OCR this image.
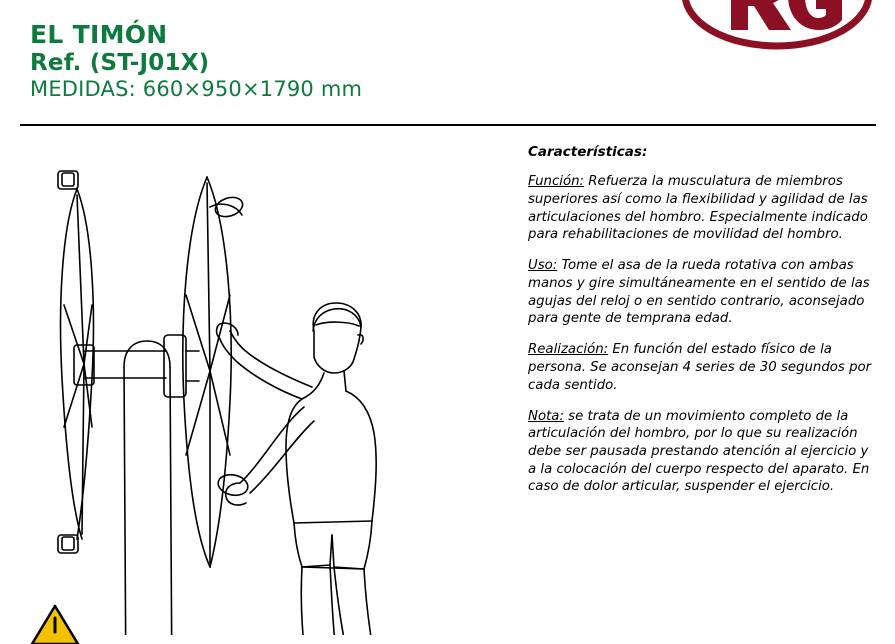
EL TIMÓN
Ref. (ST-J01X)
MEDIDAS: 660×950×1790 mm
Características:

Función: Refuerza la musculatura de miembros superiores así como la flexibilidad y agilidad de las articulaciones del hombro. Especialmente indicado para rehabilitaciones de movilidad del hombro.

Uso: Tome el asa de la rueda rotativa con ambas manos y gire simultáneamente en el sentido de las agujas del reloj o en sentido contrario, aconsejado para gente de temprana edad.

Realización: En función del estado físico de la persona. Se aconsejan 4 series de 30 segundos por cada sentido.

Nota: se trata de un movimiento completo de la articulación del hombro, por lo que su realización debe ser pausada prestando atención al ejercicio y a la colocación del cuerpo respecto del aparato. En caso de dolor articular, suspender el ejercicio.
